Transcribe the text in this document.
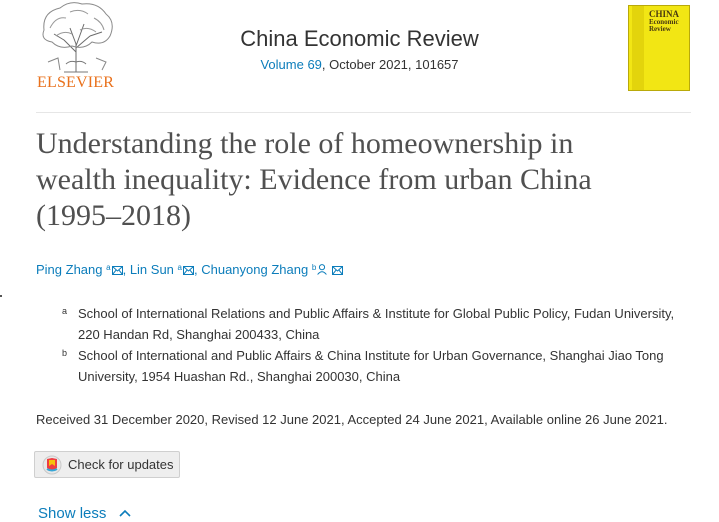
ELSEVIER
China Economic Review
Volume 69, October 2021, 101657
CHINA
Economic
Review
Understanding the role of homeownership in
wealth inequality: Evidence from urban China
(1995–2018)
Ping Zhang $^a$ , Lin Sun $^a$ , Chuanyong Zhang $^b$
a School of International Relations and Public Affairs & Institute for Global Public Policy, Fudan University,
220 Handan Rd, Shanghai 200433, China
b School of International and Public Affairs & China Institute for Urban Governance, Shanghai Jiao Tong
University, 1954 Huashan Rd., Shanghai 200030, China
Received 31 December 2020, Revised 12 June 2021, Accepted 24 June 2021, Available online 26 June 2021.
Check for updates
Show less
